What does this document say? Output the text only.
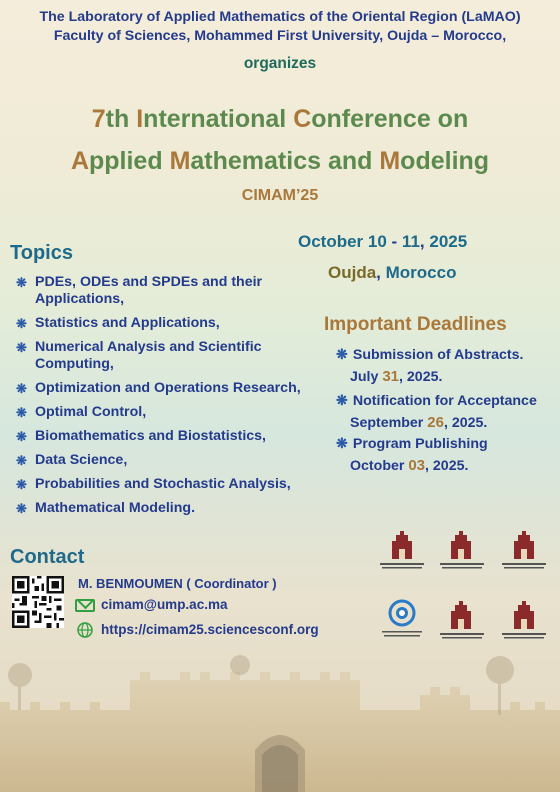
The Laboratory of Applied Mathematics of the Oriental Region (LaMAO)
Faculty of Sciences, Mohammed First University, Oujda – Morocco,
organizes
7th International Conference on
Applied Mathematics and Modeling
CIMAM’25
Topics
❋ PDEs, ODEs and SPDEs and their Applications,
❋ Statistics and Applications,
❋ Numerical Analysis and Scientific Computing,
❋ Optimization and Operations Research,
❋ Optimal Control,
❋ Biomathematics and Biostatistics,
❋ Data Science,
❋ Probabilities and Stochastic Analysis,
❋ Mathematical Modeling.
October 10 - 11, 2025
Oujda, Morocco
Important Deadlines
❋ Submission of Abstracts.
July 31, 2025.
❋ Notification for Acceptance
September 26, 2025.
❋ Program Publishing
October 03, 2025.
Contact
M. BENMOUMEN ( Coordinator )
cimam@ump.ac.ma
https://cimam25.sciencesconf.org
